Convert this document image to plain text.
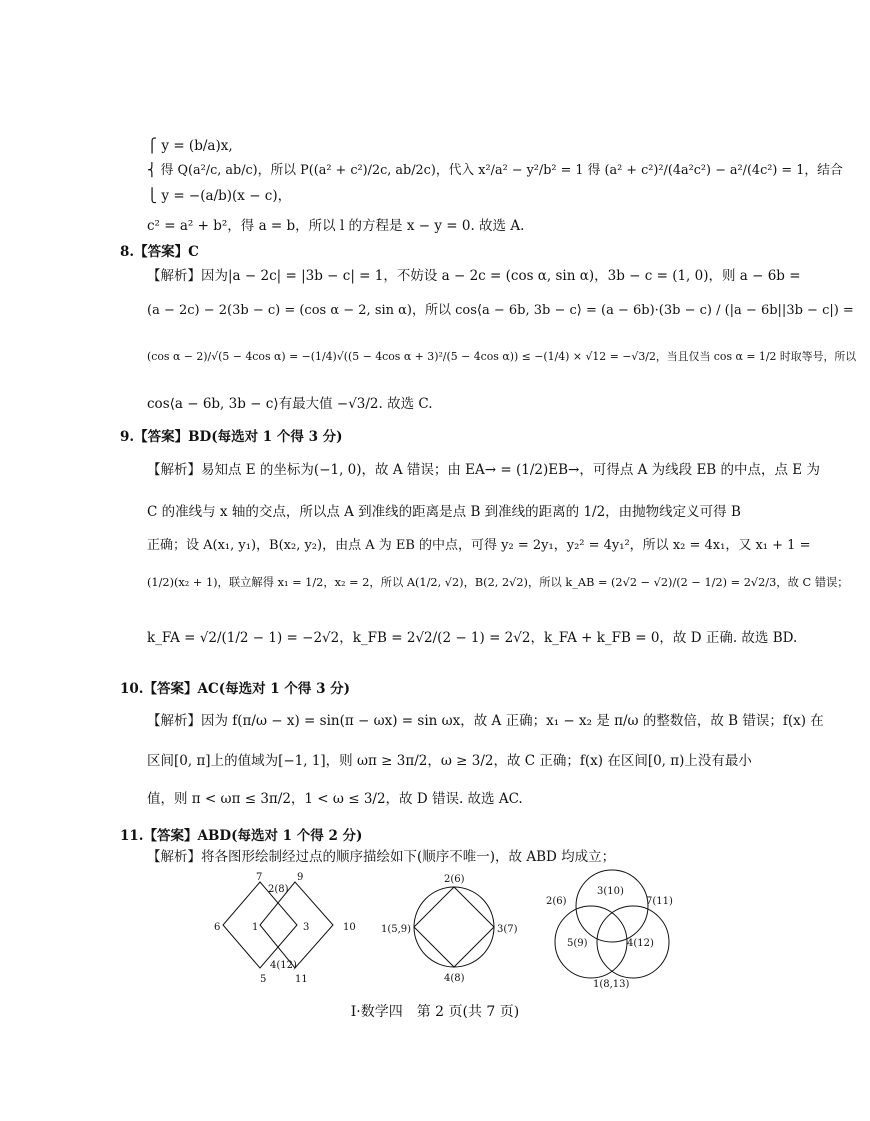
⎧ y = (b/a)x,
⎨ 得 Q(a²/c, ab/c)，所以 P((a² + c²)/2c, ab/2c)，代入 x²/a² − y²/b² = 1 得 (a² + c²)²/(4a²c²) − a²/(4c²) = 1，结合
⎩ y = −(a/b)(x − c)，
c² = a² + b²，得 a = b，所以 l 的方程是 x − y = 0. 故选 A.
8.【答案】C
【解析】因为|a − 2c| = |3b − c| = 1，不妨设 a − 2c = (cos α, sin α)，3b − c = (1, 0)，则 a − 6b =
(a − 2c) − 2(3b − c) = (cos α − 2, sin α)，所以 cos⟨a − 6b, 3b − c⟩ = (a − 6b)·(3b − c) / (|a − 6b||3b − c|) =
(cos α − 2)/√(5 − 4cos α) = −(1/4)√((5 − 4cos α + 3)²/(5 − 4cos α)) ≤ −(1/4) × √12 = −√3/2，当且仅当 cos α = 1/2 时取等号，所以
cos⟨a − 6b, 3b − c⟩有最大值 −√3/2. 故选 C.
9.【答案】BD(每选对 1 个得 3 分)
【解析】易知点 E 的坐标为(−1, 0)，故 A 错误；由 EA→ = (1/2)EB→，可得点 A 为线段 EB 的中点，点 E 为
C 的准线与 x 轴的交点，所以点 A 到准线的距离是点 B 到准线的距离的 1/2，由抛物线定义可得 B
正确；设 A(x₁, y₁)，B(x₂, y₂)，由点 A 为 EB 的中点，可得 y₂ = 2y₁，y₂² = 4y₁²，所以 x₂ = 4x₁，又 x₁ + 1 =
(1/2)(x₂ + 1)，联立解得 x₁ = 1/2，x₂ = 2，所以 A(1/2, √2)，B(2, 2√2)，所以 k_AB = (2√2 − √2)/(2 − 1/2) = 2√2/3，故 C 错误；
k_FA = √2/(1/2 − 1) = −2√2，k_FB = 2√2/(2 − 1) = 2√2，k_FA + k_FB = 0，故 D 正确. 故选 BD.
10.【答案】AC(每选对 1 个得 3 分)
【解析】因为 f(π/ω − x) = sin(π − ωx) = sin ωx，故 A 正确；x₁ − x₂ 是 π/ω 的整数倍，故 B 错误；f(x) 在
区间[0, π]上的值域为[−1, 1]，则 ωπ ≥ 3π/2，ω ≥ 3/2，故 C 正确；f(x) 在区间[0, π)上没有最小
值，则 π < ωπ ≤ 3π/2，1 < ω ≤ 3/2，故 D 错误. 故选 AC.
11.【答案】ABD(每选对 1 个得 2 分)
【解析】将各图形绘制经过点的顺序描绘如下(顺序不唯一)，故 ABD 均成立；
7
2(8)
9
6	1	3	10
4(12)
5	11
2(6)
1(5,9)	3(7)
4(8)
3(10)
2(6)	7(11)
5(9)	4(12)
1(8,13)
Ⅰ·数学四　第 2 页(共 7 页)
